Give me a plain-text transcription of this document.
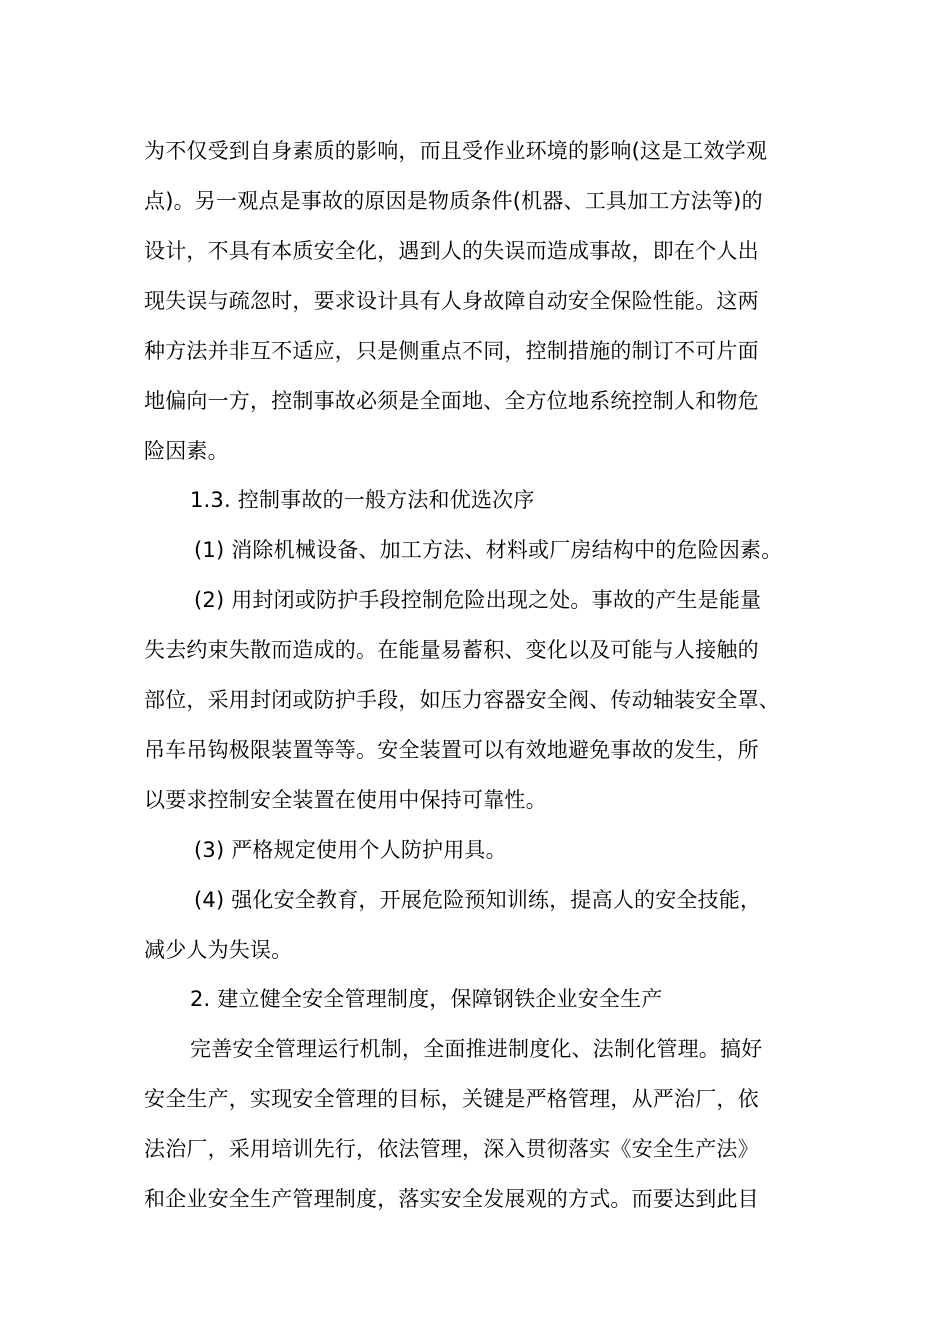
为不仅受到自身素质的影响，而且受作业环境的影响(这是工效学观
点)。另一观点是事故的原因是物质条件(机器、工具加工方法等)的
设计，不具有本质安全化，遇到人的失误而造成事故，即在个人出
现失误与疏忽时，要求设计具有人身故障自动安全保险性能。这两
种方法并非互不适应，只是侧重点不同，控制措施的制订不可片面
地偏向一方，控制事故必须是全面地、全方位地系统控制人和物危
险因素。
1.3. 控制事故的一般方法和优选次序
(1) 消除机械设备、加工方法、材料或厂房结构中的危险因素。
(2) 用封闭或防护手段控制危险出现之处。事故的产生是能量
失去约束失散而造成的。在能量易蓄积、变化以及可能与人接触的
部位，采用封闭或防护手段，如压力容器安全阀、传动轴装安全罩、
吊车吊钩极限装置等等。安全装置可以有效地避免事故的发生，所
以要求控制安全装置在使用中保持可靠性。
(3) 严格规定使用个人防护用具。
(4) 强化安全教育，开展危险预知训练，提高人的安全技能，
减少人为失误。
2. 建立健全安全管理制度，保障钢铁企业安全生产
完善安全管理运行机制，全面推进制度化、法制化管理。搞好
安全生产，实现安全管理的目标，关键是严格管理，从严治厂，依
法治厂，采用培训先行，依法管理，深入贯彻落实《安全生产法》
和企业安全生产管理制度，落实安全发展观的方式。而要达到此目
